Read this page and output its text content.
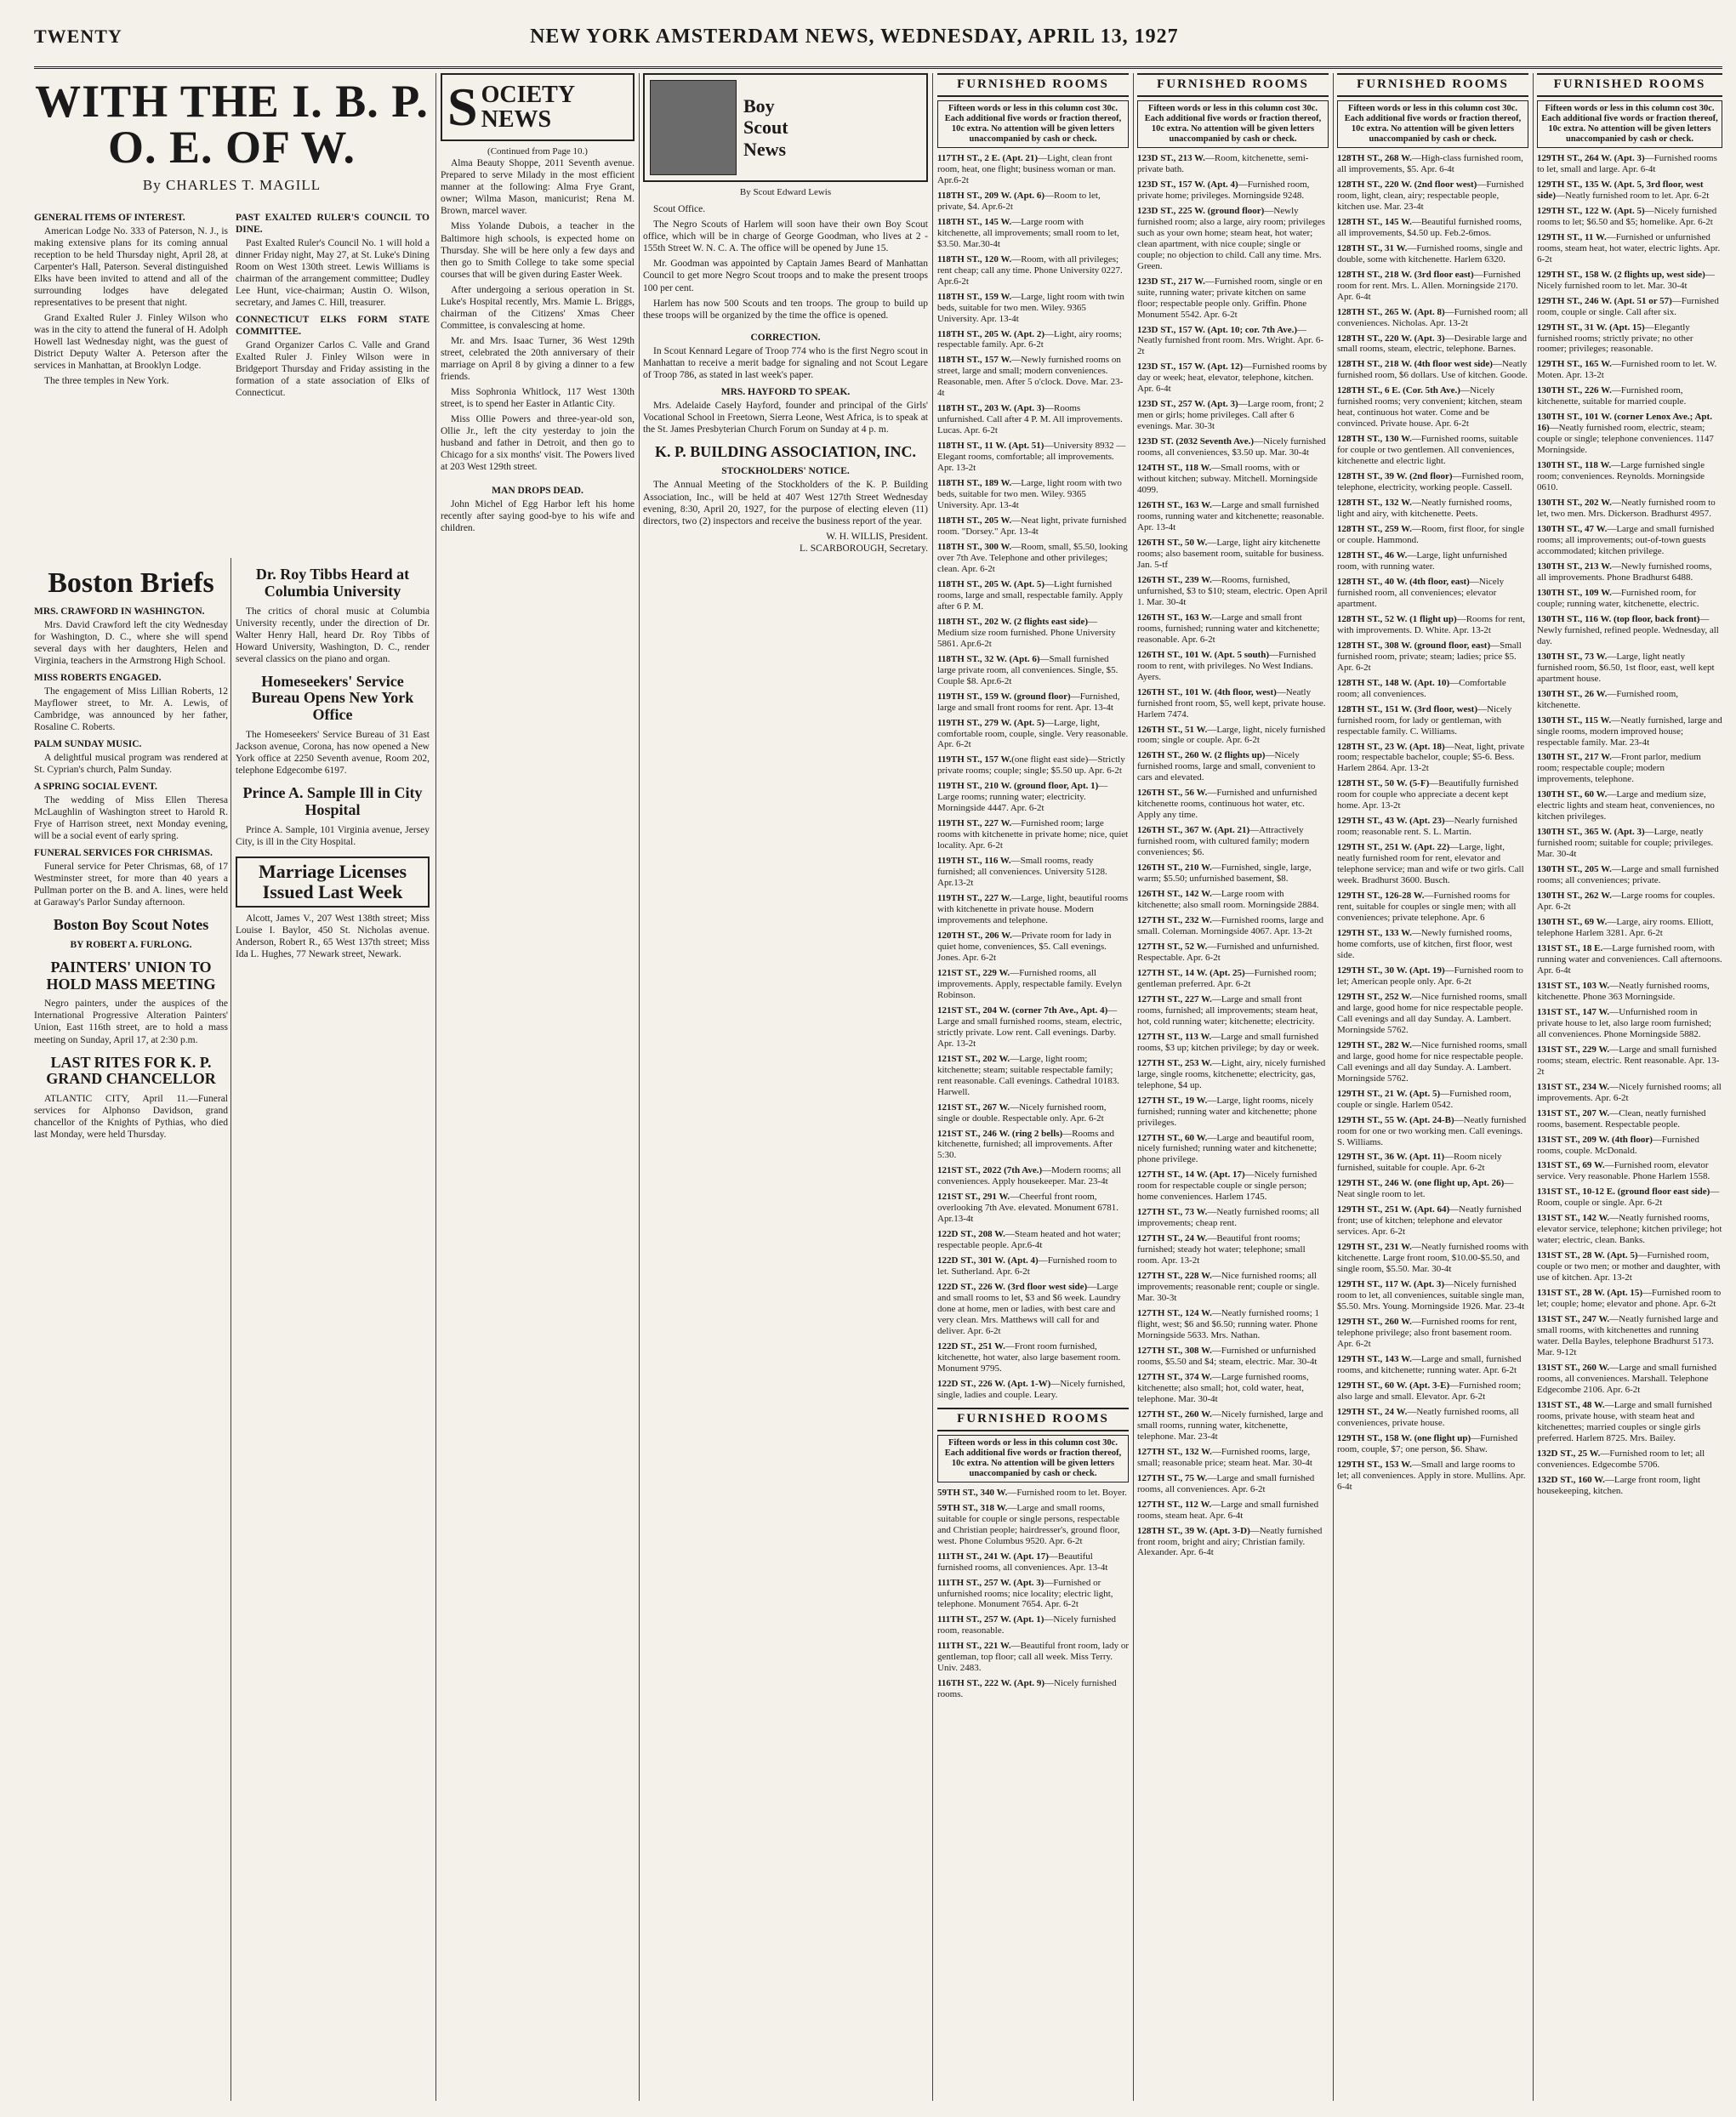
TWENTY	NEW YORK AMSTERDAM NEWS, WEDNESDAY, APRIL 13, 1927
WITH THE I. B. P. O. E. OF W.
By CHARLES T. MAGILL
GENERAL ITEMS OF INTEREST.

American Lodge No. 333 of Paterson, N. J., is making extensive plans for its coming annual reception to be held Thursday night, April 28, at Carpenter's Hall, Paterson. Several distinguished Elks have been invited to attend and all of the surrounding lodges have delegated representatives to be present that night.

Grand Exalted Ruler J. Finley Wilson who was in the city to attend the funeral of H. Adolph Howell last Wednesday night, was the guest of District Deputy Walter A. Peterson after the services in Manhattan, at Brooklyn Lodge.

The three temples in New York.

PAST EXALTED RULER'S COUNCIL TO DINE.

Past Exalted Ruler's Council No. 1 will hold a dinner Friday night, May 27, at St. Luke's Dining Room on West 130th street. Lewis Williams is chairman of the arrangement committee; Dudley Lee Hunt, vice-chairman; Austin O. Wilson, secretary, and James C. Hill, treasurer.

CONNECTICUT ELKS FORM STATE COMMITTEE.

Grand Organizer Carlos C. Valle and Grand Exalted Ruler J. Finley Wilson were in Bridgeport Thursday and Friday assisting in the formation of a state association of Elks of Connecticut.

Boston Briefs
MRS. CRAWFORD IN WASHINGTON.

Mrs. David Crawford left the city Wednesday for Washington, D. C., where she will spend several days with her daughters, Helen and Virginia, teachers in the Armstrong High School.

MISS ROBERTS ENGAGED.

The engagement of Miss Lillian Roberts, 12 Mayflower street, to Mr. A. Lewis, of Cambridge, was announced by her father, Rosaline C. Roberts.

PALM SUNDAY MUSIC.

A delightful musical program was rendered at St. Cyprian's church, Palm Sunday.

A SPRING SOCIAL EVENT.

The wedding of Miss Ellen Theresa McLaughlin of Washington street to Harold R. Frye of Harrison street, next Monday evening, will be a social event of early spring.

FUNERAL SERVICES FOR CHRISMAS.

Funeral service for Peter Chrismas, 68, of 17 Westminster street, for more than 40 years a Pullman porter on the B. and A. lines, were held at Garaway's Parlor Sunday afternoon.

Boston Boy Scout Notes
BY ROBERT A. FURLONG.
PAINTERS' UNION TO HOLD MASS MEETING

Negro painters, under the auspices of the International Progressive Alteration Painters' Union, East 116th street, are to hold a mass meeting on Sunday, April 17, at 2:30 p.m.

LAST RITES FOR K. P. GRAND CHANCELLOR

ATLANTIC CITY, April 11.—Funeral services for Alphonso Davidson, grand chancellor of the Knights of Pythias, who died last Monday, were held Thursday.

Dr. Roy Tibbs Heard at Columbia University

The critics of choral music at Columbia University recently, under the direction of Dr. Walter Henry Hall, heard Dr. Roy Tibbs of Howard University, Washington, D. C., render several classics on the piano and organ.

Homeseekers' Service Bureau Opens New York Office

The Homeseekers' Service Bureau of 31 East Jackson avenue, Corona, has now opened a New York office at 2250 Seventh avenue, Room 202, telephone Edgecombe 6197.

Prince A. Sample Ill in City Hospital

Prince A. Sample, 101 Virginia avenue, Jersey City, is ill in the City Hospital.

Marriage Licenses Issued Last Week

Alcott, James V., 207 West 138th street; Miss Louise I. Baylor, 450 St. Nicholas avenue. Anderson, Robert R., 65 West 137th street; Miss Ida L. Hughes, 77 Newark street, Newark.

S OCIETY
NEWS
(Continued from Page 10.)

Alma Beauty Shoppe, 2011 Seventh avenue. Prepared to serve Milady in the most efficient manner at the following: Alma Frye Grant, owner; Wilma Mason, manicurist; Rena M. Brown, marcel waver.

Miss Yolande Dubois, a teacher in the Baltimore high schools, is expected home on Thursday. She will be here only a few days and then go to Smith College to take some special courses that will be given during Easter Week.

After undergoing a serious operation in St. Luke's Hospital recently, Mrs. Mamie L. Briggs, chairman of the Citizens' Xmas Cheer Committee, is convalescing at home.

Mr. and Mrs. Isaac Turner, 36 West 129th street, celebrated the 20th anniversary of their marriage on April 8 by giving a dinner to a few friends.

Miss Sophronia Whitlock, 117 West 130th street, is to spend her Easter in Atlantic City.

Miss Ollie Powers and three-year-old son, Ollie Jr., left the city yesterday to join the husband and father in Detroit, and then go to Chicago for a six months' visit. The Powers lived at 203 West 129th street.

MAN DROPS DEAD.

John Michel of Egg Harbor left his home recently after saying good-bye to his wife and children.

Boy
Scout
News
By Scout Edward Lewis

Scout Office.

The Negro Scouts of Harlem will soon have their own Boy Scout office, which will be in charge of George Goodman, who lives at 2 - 155th Street W. N. C. A. The office will be opened by June 15.

Mr. Goodman was appointed by Captain James Beard of Manhattan Council to get more Negro Scout troops and to make the present troops 100 per cent.

Harlem has now 500 Scouts and ten troops. The group to build up these troops will be organized by the time the office is opened.

CORRECTION.

In Scout Kennard Legare of Troop 774 who is the first Negro scout in Manhattan to receive a merit badge for signaling and not Scout Legare of Troop 786, as stated in last week's paper.

MRS. HAYFORD TO SPEAK.

Mrs. Adelaide Casely Hayford, founder and principal of the Girls' Vocational School in Freetown, Sierra Leone, West Africa, is to speak at the St. James Presbyterian Church Forum on Sunday at 4 p. m.

K. P. BUILDING ASSOCIATION, INC.
STOCKHOLDERS' NOTICE.

The Annual Meeting of the Stockholders of the K. P. Building Association, Inc., will be held at 407 West 127th Street Wednesday evening, 8:30, April 20, 1927, for the purpose of electing eleven (11) directors, two (2) inspectors and receive the business report of the year.

W. H. WILLIS, President.
L. SCARBOROUGH, Secretary.
FURNISHED ROOMS
Fifteen words or less in this column cost 30c. Each additional five words or fraction thereof, 10c extra. No attention will be given letters unaccompanied by cash or check.

117TH ST., 2 E. (Apt. 21)—Light, clean front room, heat, one flight; business woman or man. Apr.6-2t

118TH ST., 209 W. (Apt. 6)—Room to let, private, $4. Apr.6-2t

118TH ST., 145 W.—Large room with kitchenette, all improvements; small room to let, $3.50. Mar.30-4t

118TH ST., 120 W.—Room, with all privileges; rent cheap; call any time. Phone University 0227. Apr.6-2t

118TH ST., 159 W.—Large, light room with twin beds, suitable for two men. Wiley. 9365 University. Apr. 13-4t

118TH ST., 205 W. (Apt. 2)—Light, airy rooms; respectable family. Apr. 6-2t

118TH ST., 157 W.—Newly furnished rooms on street, large and small; modern conveniences. Reasonable, men. After 5 o'clock. Dove. Mar. 23-4t

118TH ST., 203 W. (Apt. 3)—Rooms unfurnished. Call after 4 P. M. All improvements. Lucas. Apr. 6-2t

118TH ST., 11 W. (Apt. 51)—University 8932 — Elegant rooms, comfortable; all improvements. Apr. 13-2t

118TH ST., 189 W.—Large, light room with two beds, suitable for two men. Wiley. 9365 University. Apr. 13-4t

118TH ST., 205 W.—Neat light, private furnished room. "Dorsey." Apr. 13-4t

118TH ST., 300 W.—Room, small, $5.50, looking over 7th Ave. Telephone and other privileges; clean. Apr. 6-2t

118TH ST., 205 W. (Apt. 5)—Light furnished rooms, large and small, respectable family. Apply after 6 P. M.

118TH ST., 202 W. (2 flights east side)—Medium size room furnished. Phone University 5861. Apr.6-2t

118TH ST., 32 W. (Apt. 6)—Small furnished large private room, all conveniences. Single, $5. Couple $8. Apr.6-2t

119TH ST., 159 W. (ground floor)—Furnished, large and small front rooms for rent. Apr. 13-4t

119TH ST., 279 W. (Apt. 5)—Large, light, comfortable room, couple, single. Very reasonable. Apr. 6-2t

119TH ST., 157 W.(one flight east side)—Strictly private rooms; couple; single; $5.50 up. Apr. 6-2t

119TH ST., 210 W. (ground floor, Apt. 1)—Large rooms; running water; electricity. Morningside 4447. Apr. 6-2t

119TH ST., 227 W.—Furnished room; large rooms with kitchenette in private home; nice, quiet locality. Apr. 6-2t

119TH ST., 116 W.—Small rooms, ready furnished; all conveniences. University 5128. Apr.13-2t

119TH ST., 227 W.—Large, light, beautiful rooms with kitchenette in private house. Modern improvements and telephone.

120TH ST., 206 W.—Private room for lady in quiet home, conveniences, $5. Call evenings. Jones. Apr. 6-2t

121ST ST., 229 W.—Furnished rooms, all improvements. Apply, respectable family. Evelyn Robinson.

121ST ST., 204 W. (corner 7th Ave., Apt. 4)—Large and small furnished rooms, steam, electric, strictly private. Low rent. Call evenings. Darby. Apr. 13-2t

121ST ST., 202 W.—Large, light room; kitchenette; steam; suitable respectable family; rent reasonable. Call evenings. Cathedral 10183. Harwell.

121ST ST., 267 W.—Nicely furnished room, single or double. Respectable only. Apr. 6-2t

121ST ST., 246 W. (ring 2 bells)—Rooms and kitchenette, furnished; all improvements. After 5:30.

121ST ST., 2022 (7th Ave.)—Modern rooms; all conveniences. Apply housekeeper. Mar. 23-4t

121ST ST., 291 W.—Cheerful front room, overlooking 7th Ave. elevated. Monument 6781. Apr.13-4t

122D ST., 208 W.—Steam heated and hot water; respectable people. Apr.6-4t

122D ST., 301 W. (Apt. 4)—Furnished room to let. Sutherland. Apr. 6-2t

122D ST., 226 W. (3rd floor west side)—Large and small rooms to let, $3 and $6 week. Laundry done at home, men or ladies, with best care and very clean. Mrs. Matthews will call for and deliver. Apr. 6-2t

122D ST., 251 W.—Front room furnished, kitchenette, hot water, also large basement room. Monument 9795.

122D ST., 226 W. (Apt. 1-W)—Nicely furnished, single, ladies and couple. Leary.

FURNISHED ROOMS
Fifteen words or less in this column cost 30c. Each additional five words or fraction thereof, 10c extra. No attention will be given letters unaccompanied by cash or check.

59TH ST., 340 W.—Furnished room to let. Boyer.

59TH ST., 318 W.—Large and small rooms, suitable for couple or single persons, respectable and Christian people; hairdresser's, ground floor, west. Phone Columbus 9520. Apr. 6-2t

111TH ST., 241 W. (Apt. 17)—Beautiful furnished rooms, all conveniences. Apr. 13-4t

111TH ST., 257 W. (Apt. 3)—Furnished or unfurnished rooms; nice locality; electric light, telephone. Monument 7654. Apr. 6-2t

111TH ST., 257 W. (Apt. 1)—Nicely furnished room, reasonable.

111TH ST., 221 W.—Beautiful front room, lady or gentleman, top floor; call all week. Miss Terry. Univ. 2483.

116TH ST., 222 W. (Apt. 9)—Nicely furnished rooms.

FURNISHED ROOMS
Fifteen words or less in this column cost 30c. Each additional five words or fraction thereof, 10c extra. No attention will be given letters unaccompanied by cash or check.

123D ST., 213 W.—Room, kitchenette, semi-private bath.

123D ST., 157 W. (Apt. 4)—Furnished room, private home; privileges. Morningside 9248.

123D ST., 225 W. (ground floor)—Newly furnished room; also a large, airy room; privileges such as your own home; steam heat, hot water; clean apartment, with nice couple; single or couple; no objection to child. Call any time. Mrs. Green.

123D ST., 217 W.—Furnished room, single or en suite, running water; private kitchen on same floor; respectable people only. Griffin. Phone Monument 5542. Apr. 6-2t

123D ST., 157 W. (Apt. 10; cor. 7th Ave.)—Neatly furnished front room. Mrs. Wright. Apr. 6-2t

123D ST., 157 W. (Apt. 12)—Furnished rooms by day or week; heat, elevator, telephone, kitchen. Apr. 6-4t

123D ST., 257 W. (Apt. 3)—Large room, front; 2 men or girls; home privileges. Call after 6 evenings. Mar. 30-3t

123D ST. (2032 Seventh Ave.)—Nicely furnished rooms, all conveniences, $3.50 up. Mar. 30-4t

124TH ST., 118 W.—Small rooms, with or without kitchen; subway. Mitchell. Morningside 4099.

126TH ST., 163 W.—Large and small furnished rooms, running water and kitchenette; reasonable. Apr. 13-4t

126TH ST., 50 W.—Large, light airy kitchenette rooms; also basement room, suitable for business. Jan. 5-tf

126TH ST., 239 W.—Rooms, furnished, unfurnished, $3 to $10; steam, electric. Open April 1. Mar. 30-4t

126TH ST., 163 W.—Large and small front rooms, furnished; running water and kitchenette; reasonable. Apr. 6-2t

126TH ST., 101 W. (Apt. 5 south)—Furnished room to rent, with privileges. No West Indians. Ayers.

126TH ST., 101 W. (4th floor, west)—Neatly furnished front room, $5, well kept, private house. Harlem 7474.

126TH ST., 51 W.—Large, light, nicely furnished room; single or couple. Apr. 6-2t

126TH ST., 260 W. (2 flights up)—Nicely furnished rooms, large and small, convenient to cars and elevated.

126TH ST., 56 W.—Furnished and unfurnished kitchenette rooms, continuous hot water, etc. Apply any time.

126TH ST., 367 W. (Apt. 21)—Attractively furnished room, with cultured family; modern conveniences; $6.

126TH ST., 210 W.—Furnished, single, large, warm; $5.50; unfurnished basement, $8.

126TH ST., 142 W.—Large room with kitchenette; also small room. Morningside 2884.

127TH ST., 232 W.—Furnished rooms, large and small. Coleman. Morningside 4067. Apr. 13-2t

127TH ST., 52 W.—Furnished and unfurnished. Respectable. Apr. 6-2t

127TH ST., 14 W. (Apt. 25)—Furnished room; gentleman preferred. Apr. 6-2t

127TH ST., 227 W.—Large and small front rooms, furnished; all improvements; steam heat, hot, cold running water; kitchenette; electricity.

127TH ST., 113 W.—Large and small furnished rooms, $3 up; kitchen privilege; by day or week.

127TH ST., 253 W.—Light, airy, nicely furnished large, single rooms, kitchenette; electricity, gas, telephone, $4 up.

127TH ST., 19 W.—Large, light rooms, nicely furnished; running water and kitchenette; phone privileges.

127TH ST., 60 W.—Large and beautiful room, nicely furnished; running water and kitchenette; phone privilege.

127TH ST., 14 W. (Apt. 17)—Nicely furnished room for respectable couple or single person; home conveniences. Harlem 1745.

127TH ST., 73 W.—Neatly furnished rooms; all improvements; cheap rent.

127TH ST., 24 W.—Beautiful front rooms; furnished; steady hot water; telephone; small room. Apr. 13-2t

127TH ST., 228 W.—Nice furnished rooms; all improvements; reasonable rent; couple or single. Mar. 30-3t

127TH ST., 124 W.—Neatly furnished rooms; 1 flight, west; $6 and $6.50; running water. Phone Morningside 5633. Mrs. Nathan.

127TH ST., 308 W.—Furnished or unfurnished rooms, $5.50 and $4; steam, electric. Mar. 30-4t

127TH ST., 374 W.—Large furnished rooms, kitchenette; also small; hot, cold water, heat, telephone. Mar. 30-4t

127TH ST., 260 W.—Nicely furnished, large and small rooms, running water, kitchenette, telephone. Mar. 23-4t

127TH ST., 132 W.—Furnished rooms, large, small; reasonable price; steam heat. Mar. 30-4t

127TH ST., 75 W.—Large and small furnished rooms, all conveniences. Apr. 6-2t

127TH ST., 112 W.—Large and small furnished rooms, steam heat. Apr. 6-4t

128TH ST., 39 W. (Apt. 3-D)—Neatly furnished front room, bright and airy; Christian family. Alexander. Apr. 6-4t

FURNISHED ROOMS
Fifteen words or less in this column cost 30c. Each additional five words or fraction thereof, 10c extra. No attention will be given letters unaccompanied by cash or check.

128TH ST., 268 W.—High-class furnished room, all improvements, $5. Apr. 6-4t

128TH ST., 220 W. (2nd floor west)—Furnished room, light, clean, airy; respectable people, kitchen use. Mar. 23-4t

128TH ST., 145 W.—Beautiful furnished rooms, all improvements, $4.50 up. Feb.2-6mos.

128TH ST., 31 W.—Furnished rooms, single and double, some with kitchenette. Harlem 6320.

128TH ST., 218 W. (3rd floor east)—Furnished room for rent. Mrs. L. Allen. Morningside 2170. Apr. 6-4t

128TH ST., 265 W. (Apt. 8)—Furnished room; all conveniences. Nicholas. Apr. 13-2t

128TH ST., 220 W. (Apt. 3)—Desirable large and small rooms, steam, electric, telephone. Barnes.

128TH ST., 218 W. (4th floor west side)—Neatly furnished room, $6 dollars. Use of kitchen. Goode.

128TH ST., 6 E. (Cor. 5th Ave.)—Nicely furnished rooms; very convenient; kitchen, steam heat, continuous hot water. Come and be convinced. Private house. Apr. 6-2t

128TH ST., 130 W.—Furnished rooms, suitable for couple or two gentlemen. All conveniences, kitchenette and electric light.

128TH ST., 39 W. (2nd floor)—Furnished room, telephone, electricity, working people. Cassell.

128TH ST., 132 W.—Neatly furnished rooms, light and airy, with kitchenette. Peets.

128TH ST., 259 W.—Room, first floor, for single or couple. Hammond.

128TH ST., 46 W.—Large, light unfurnished room, with running water.

128TH ST., 40 W. (4th floor, east)—Nicely furnished room, all conveniences; elevator apartment.

128TH ST., 52 W. (1 flight up)—Rooms for rent, with improvements. D. White. Apr. 13-2t

128TH ST., 308 W. (ground floor, east)—Small furnished room, private; steam; ladies; price $5. Apr. 6-2t

128TH ST., 148 W. (Apt. 10)—Comfortable room; all conveniences.

128TH ST., 151 W. (3rd floor, west)—Nicely furnished room, for lady or gentleman, with respectable family. C. Williams.

128TH ST., 23 W. (Apt. 18)—Neat, light, private room; respectable bachelor, couple; $5-6. Bess. Harlem 2864. Apr. 13-2t

128TH ST., 50 W. (5-F)—Beautifully furnished room for couple who appreciate a decent kept home. Apr. 13-2t

129TH ST., 43 W. (Apt. 23)—Nearly furnished room; reasonable rent. S. L. Martin.

129TH ST., 251 W. (Apt. 22)—Large, light, neatly furnished room for rent, elevator and telephone service; man and wife or two girls. Call week. Bradhurst 3600. Busch.

129TH ST., 126-28 W.—Furnished rooms for rent, suitable for couples or single men; with all conveniences; private telephone. Apr. 6

129TH ST., 133 W.—Newly furnished rooms, home comforts, use of kitchen, first floor, west side.

129TH ST., 30 W. (Apt. 19)—Furnished room to let; American people only. Apr. 6-2t

129TH ST., 252 W.—Nice furnished rooms, small and large, good home for nice respectable people. Call evenings and all day Sunday. A. Lambert. Morningside 5762.

129TH ST., 282 W.—Nice furnished rooms, small and large, good home for nice respectable people. Call evenings and all day Sunday. A. Lambert. Morningside 5762.

129TH ST., 21 W. (Apt. 5)—Furnished room, couple or single. Harlem 0542.

129TH ST., 55 W. (Apt. 24-B)—Neatly furnished room for one or two working men. Call evenings. S. Williams.

129TH ST., 36 W. (Apt. 11)—Room nicely furnished, suitable for couple. Apr. 6-2t

129TH ST., 246 W. (one flight up, Apt. 26)—Neat single room to let.

129TH ST., 251 W. (Apt. 64)—Neatly furnished front; use of kitchen; telephone and elevator services. Apr. 6-2t

129TH ST., 231 W.—Neatly furnished rooms with kitchenette. Large front room, $10.00-$5.50, and single room, $5.50. Mar. 30-4t

129TH ST., 117 W. (Apt. 3)—Nicely furnished room to let, all conveniences, suitable single man, $5.50. Mrs. Young. Morningside 1926. Mar. 23-4t

129TH ST., 260 W.—Furnished rooms for rent, telephone privilege; also front basement room. Apr. 6-2t

129TH ST., 143 W.—Large and small, furnished rooms, and kitchenette; running water. Apr. 6-2t

129TH ST., 60 W. (Apt. 3-E)—Furnished room; also large and small. Elevator. Apr. 6-2t

129TH ST., 24 W.—Neatly furnished rooms, all conveniences, private house.

129TH ST., 158 W. (one flight up)—Furnished room, couple, $7; one person, $6. Shaw.

129TH ST., 153 W.—Small and large rooms to let; all conveniences. Apply in store. Mullins. Apr. 6-4t

FURNISHED ROOMS
Fifteen words or less in this column cost 30c. Each additional five words or fraction thereof, 10c extra. No attention will be given letters unaccompanied by cash or check.

129TH ST., 264 W. (Apt. 3)—Furnished rooms to let, small and large. Apr. 6-4t

129TH ST., 135 W. (Apt. 5, 3rd floor, west side)—Neatly furnished room to let. Apr. 6-2t

129TH ST., 122 W. (Apt. 5)—Nicely furnished rooms to let; $6.50 and $5; homelike. Apr. 6-2t

129TH ST., 11 W.—Furnished or unfurnished rooms, steam heat, hot water, electric lights. Apr. 6-2t

129TH ST., 158 W. (2 flights up, west side)—Nicely furnished room to let. Mar. 30-4t

129TH ST., 246 W. (Apt. 51 or 57)—Furnished room, couple or single. Call after six.

129TH ST., 31 W. (Apt. 15)—Elegantly furnished rooms; strictly private; no other roomer; privileges; reasonable.

129TH ST., 165 W.—Furnished room to let. W. Moten. Apr. 13-2t

130TH ST., 226 W.—Furnished room, kitchenette, suitable for married couple.

130TH ST., 101 W. (corner Lenox Ave.; Apt. 16)—Neatly furnished room, electric, steam; couple or single; telephone conveniences. 1147 Morningside.

130TH ST., 118 W.—Large furnished single room; conveniences. Reynolds. Morningside 0610.

130TH ST., 202 W.—Neatly furnished room to let, two men. Mrs. Dickerson. Bradhurst 4957.

130TH ST., 47 W.—Large and small furnished rooms; all improvements; out-of-town guests accommodated; kitchen privilege.

130TH ST., 213 W.—Newly furnished rooms, all improvements. Phone Bradhurst 6488.

130TH ST., 109 W.—Furnished room, for couple; running water, kitchenette, electric.

130TH ST., 116 W. (top floor, back front)—Newly furnished, refined people. Wednesday, all day.

130TH ST., 73 W.—Large, light neatly furnished room, $6.50, 1st floor, east, well kept apartment house.

130TH ST., 26 W.—Furnished room, kitchenette.

130TH ST., 115 W.—Neatly furnished, large and single rooms, modern improved house; respectable family. Mar. 23-4t

130TH ST., 217 W.—Front parlor, medium room; respectable couple; modern improvements, telephone.

130TH ST., 60 W.—Large and medium size, electric lights and steam heat, conveniences, no kitchen privileges.

130TH ST., 365 W. (Apt. 3)—Large, neatly furnished room; suitable for couple; privileges. Mar. 30-4t

130TH ST., 205 W.—Large and small furnished rooms; all conveniences; private.

130TH ST., 262 W.—Large rooms for couples. Apr. 6-2t

130TH ST., 69 W.—Large, airy rooms. Elliott, telephone Harlem 3281. Apr. 6-2t

131ST ST., 18 E.—Large furnished room, with running water and conveniences. Call afternoons. Apr. 6-4t

131ST ST., 103 W.—Neatly furnished rooms, kitchenette. Phone 363 Morningside.

131ST ST., 147 W.—Unfurnished room in private house to let, also large room furnished; all conveniences. Phone Morningside 5882.

131ST ST., 229 W.—Large and small furnished rooms; steam, electric. Rent reasonable. Apr. 13-2t

131ST ST., 234 W.—Nicely furnished rooms; all improvements. Apr. 6-2t

131ST ST., 207 W.—Clean, neatly furnished rooms, basement. Respectable people.

131ST ST., 209 W. (4th floor)—Furnished rooms, couple. McDonald.

131ST ST., 69 W.—Furnished room, elevator service. Very reasonable. Phone Harlem 1558.

131ST ST., 10-12 E. (ground floor east side)—Room, couple or single. Apr. 6-2t

131ST ST., 142 W.—Neatly furnished rooms, elevator service, telephone; kitchen privilege; hot water; electric, clean. Banks.

131ST ST., 28 W. (Apt. 5)—Furnished room, couple or two men; or mother and daughter, with use of kitchen. Apr. 13-2t

131ST ST., 28 W. (Apt. 15)—Furnished room to let; couple; home; elevator and phone. Apr. 6-2t

131ST ST., 247 W.—Neatly furnished large and small rooms, with kitchenettes and running water. Della Bayles, telephone Bradhurst 5173. Mar. 9-12t

131ST ST., 260 W.—Large and small furnished rooms, all conveniences. Marshall. Telephone Edgecombe 2106. Apr. 6-2t

131ST ST., 48 W.—Large and small furnished rooms, private house, with steam heat and kitchenettes; married couples or single girls preferred. Harlem 8725. Mrs. Bailey.

132D ST., 25 W.—Furnished room to let; all conveniences. Edgecombe 5706.

132D ST., 160 W.—Large front room, light housekeeping, kitchen.
